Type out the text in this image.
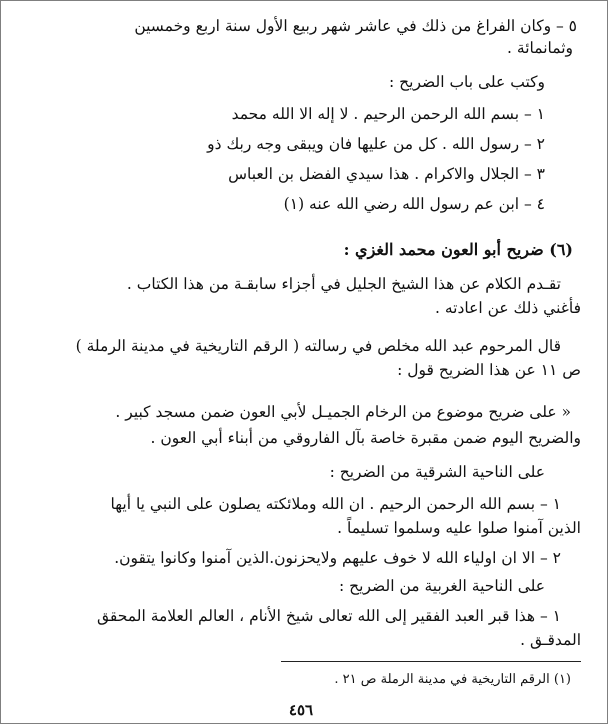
٥ – وكان الفراغ من ذلك في عاشر شهر ربيع الأول سنة اربع وخمسين
وثمانمائة .
وكتب على باب الضريح :
١ – بسم الله الرحمن الرحيم . لا إله الا الله محمد
٢ – رسول الله . كل من عليها فان ويبقى وجه ربك ذو
٣ – الجلال والاكرام . هذا سيدي الفضل بن العباس
٤ – ابن عم رسول الله رضي الله عنه (١)
(٦) ضريح أبو العون محمد الغزي :
تقـدم الكلام عن هذا الشيخ الجليل في أجزاء سابقـة من هذا الكتاب .
فأغني ذلك عن اعادته .
قال المرحوم عبد الله مخلص في رسالته ( الرقم التاريخية في مدينة الرملة )
ص ١١ عن هذا الضريح قول :
« على ضريح موضوع من الرخام الجميـل لأبي العون ضمن مسجد كبير .
والضريح اليوم ضمن مقبرة خاصة بآل الفاروقي من أبناء أبي العون .
على الناحية الشرقية من الضريح :
١ – بسم الله الرحمن الرحيم . ان الله وملائكته يصلون على النبي يا أيها
الذين آمنوا صلوا عليه وسلموا تسليماً .
٢ – الا ان اولياء الله لا خوف عليهم ولايحزنون.الذين آمنوا وكانوا يتقون.
على الناحية الغربية من الضريح :
١ – هذا قبر العبد الفقير إلى الله تعالى شيخ الأنام ، العالم العلامة المحقق
المدقـق .
(١) الرقم التاريخية في مدينة الرملة ص ٢١ .
٤٥٦
